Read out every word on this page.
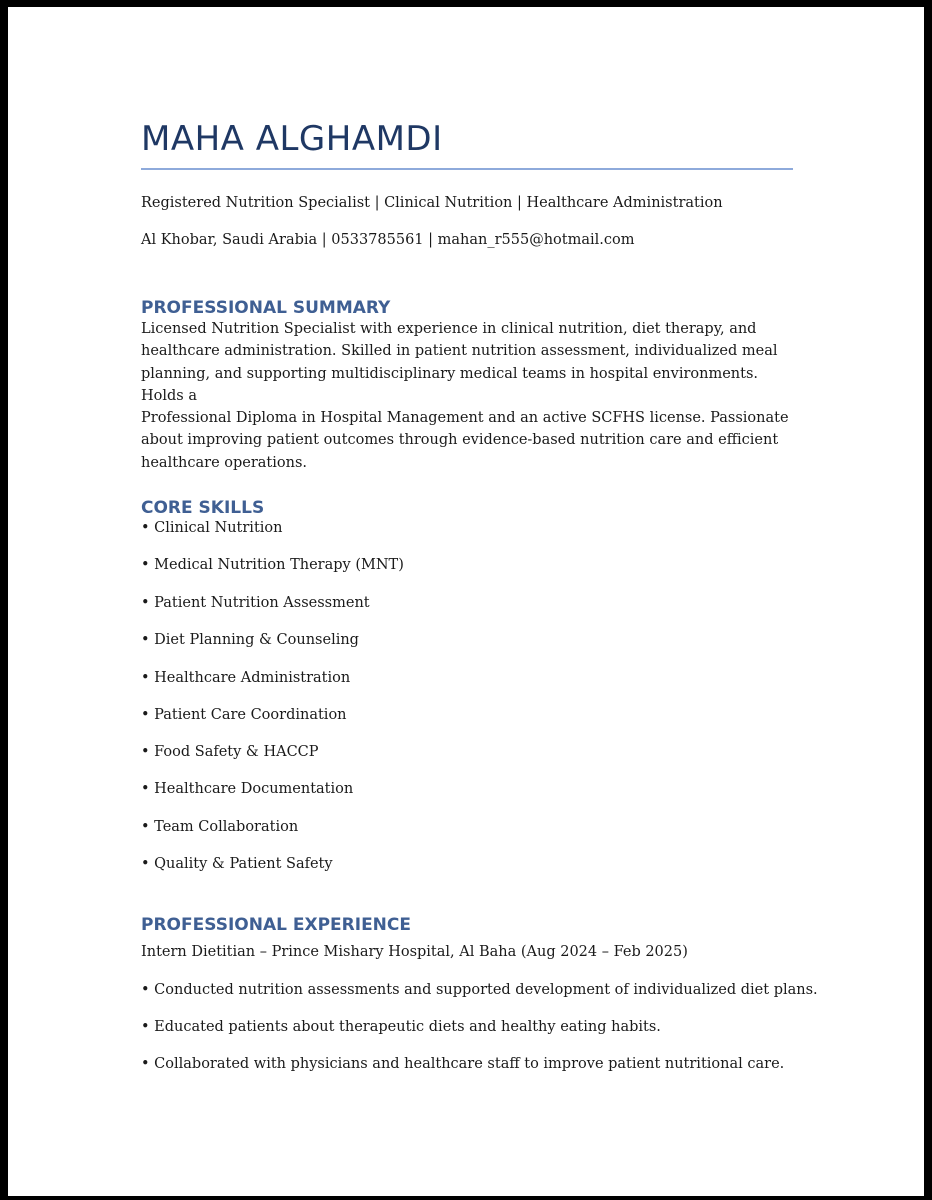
MAHA ALGHAMDI

Registered Nutrition Specialist | Clinical Nutrition | Healthcare Administration

Al Khobar, Saudi Arabia | 0533785561 | mahan_r555@hotmail.com

PROFESSIONAL SUMMARY

Licensed Nutrition Specialist with experience in clinical nutrition, diet therapy, and
healthcare administration. Skilled in patient nutrition assessment, individualized meal
planning, and supporting multidisciplinary medical teams in hospital environments. Holds a
Professional Diploma in Hospital Management and an active SCFHS license. Passionate
about improving patient outcomes through evidence-based nutrition care and efficient
healthcare operations.

CORE SKILLS
• Clinical Nutrition
• Medical Nutrition Therapy (MNT)
• Patient Nutrition Assessment
• Diet Planning & Counseling
• Healthcare Administration
• Patient Care Coordination
• Food Safety & HACCP
• Healthcare Documentation
• Team Collaboration
• Quality & Patient Safety
PROFESSIONAL EXPERIENCE

Intern Dietitian – Prince Mishary Hospital, Al Baha (Aug 2024 – Feb 2025)

• Conducted nutrition assessments and supported development of individualized diet plans.
• Educated patients about therapeutic diets and healthy eating habits.
• Collaborated with physicians and healthcare staff to improve patient nutritional care.
